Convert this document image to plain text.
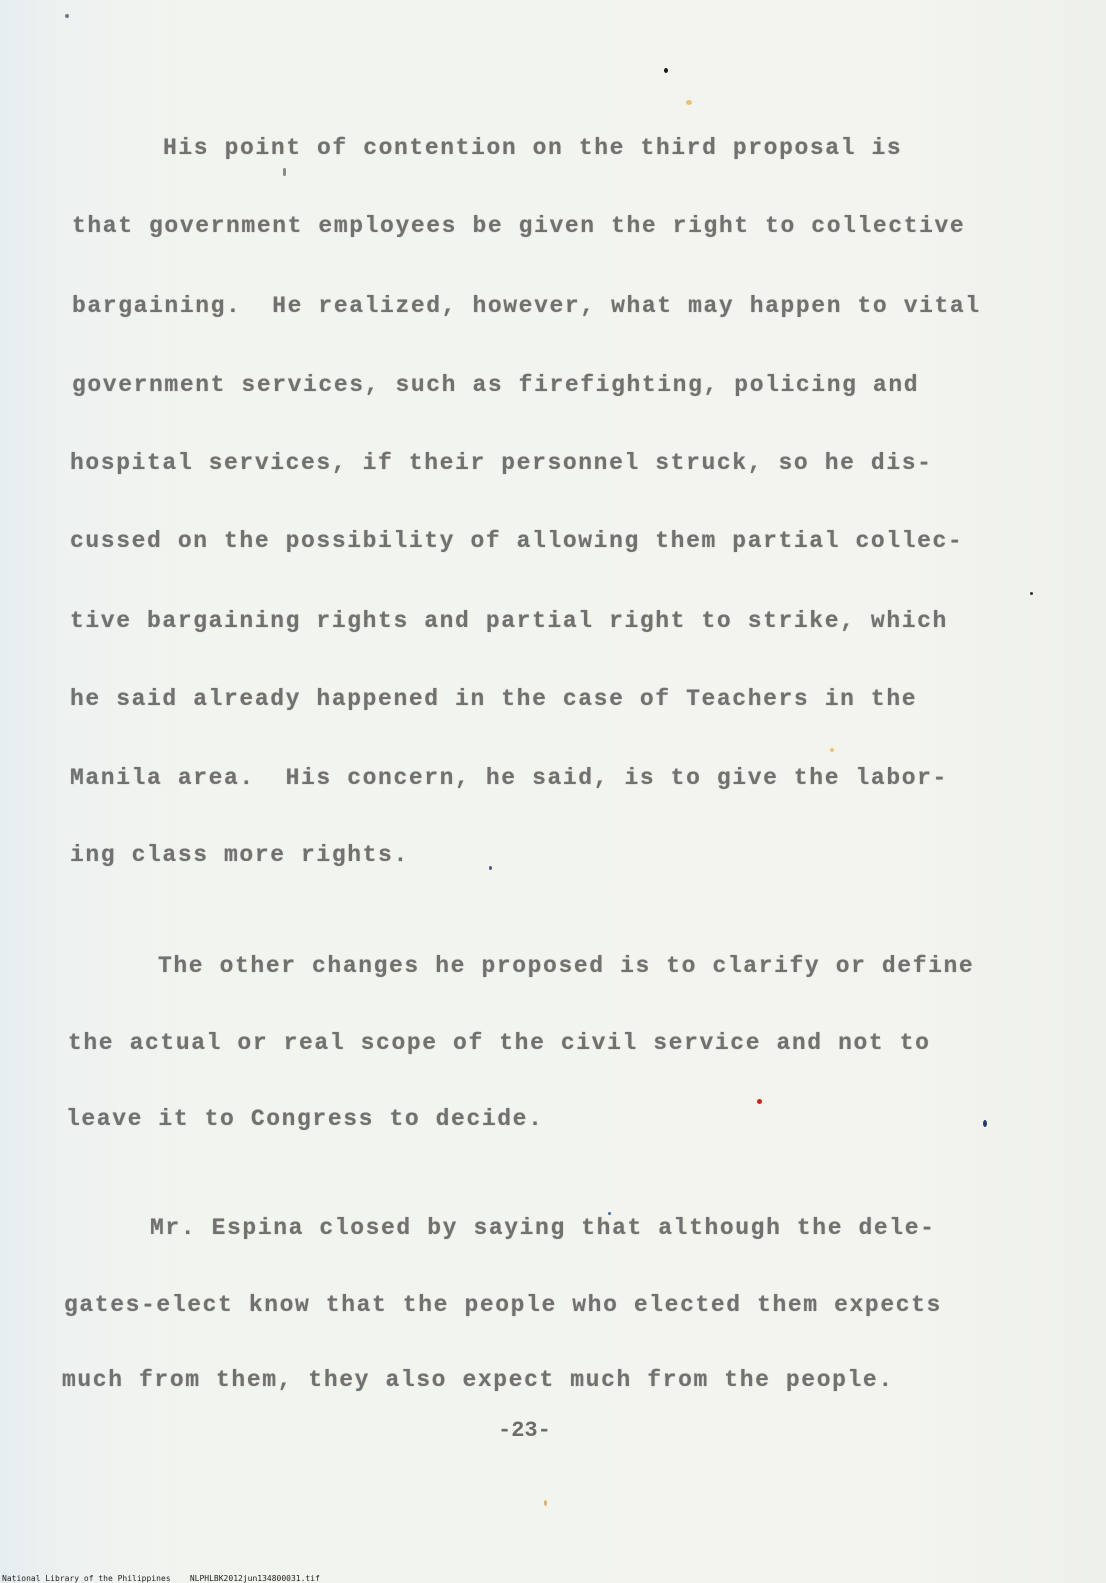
His point of contention on the third proposal is
that government employees be given the right to collective
bargaining.  He realized, however, what may happen to vital
government services, such as firefighting, policing and
hospital services, if their personnel struck, so he dis-
cussed on the possibility of allowing them partial collec-
tive bargaining rights and partial right to strike, which
he said already happened in the case of Teachers in the
Manila area.  His concern, he said, is to give the labor-
ing class more rights.
The other changes he proposed is to clarify or define
the actual or real scope of the civil service and not to
leave it to Congress to decide.
Mr. Espina closed by saying that although the dele-
gates-elect know that the people who elected them expects
much from them, they also expect much from the people.
-23-
National Library of the Philippines    NLPHLBK2012jun134800031.tif
